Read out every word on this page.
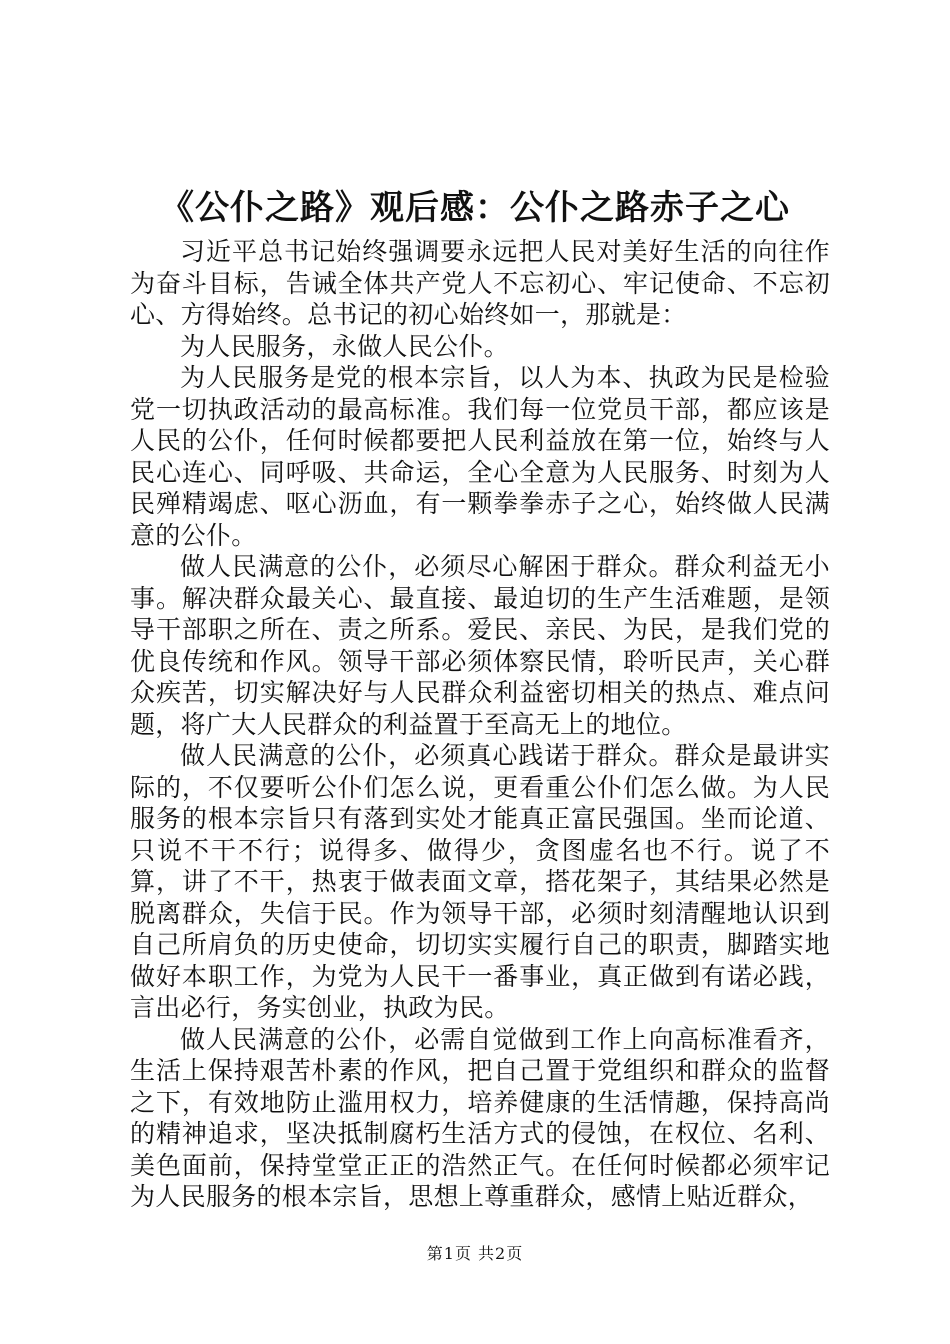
《公仆之路》观后感：公仆之路赤子之心

习近平总书记始终强调要永远把人民对美好生活的向往作为奋斗目标，告诫全体共产党人不忘初心、牢记使命、不忘初心、方得始终。总书记的初心始终如一，那就是：

为人民服务，永做人民公仆。

为人民服务是党的根本宗旨，以人为本、执政为民是检验党一切执政活动的最高标准。我们每一位党员干部，都应该是人民的公仆，任何时候都要把人民利益放在第一位，始终与人民心连心、同呼吸、共命运，全心全意为人民服务、时刻为人民殚精竭虑、呕心沥血，有一颗拳拳赤子之心，始终做人民满意的公仆。

做人民满意的公仆，必须尽心解困于群众。群众利益无小事。解决群众最关心、最直接、最迫切的生产生活难题，是领导干部职之所在、责之所系。爱民、亲民、为民，是我们党的优良传统和作风。领导干部必须体察民情，聆听民声，关心群众疾苦，切实解决好与人民群众利益密切相关的热点、难点问题，将广大人民群众的利益置于至高无上的地位。

做人民满意的公仆，必须真心践诺于群众。群众是最讲实际的，不仅要听公仆们怎么说，更看重公仆们怎么做。为人民服务的根本宗旨只有落到实处才能真正富民强国。坐而论道、只说不干不行；说得多、做得少，贪图虚名也不行。说了不算，讲了不干，热衷于做表面文章，搭花架子，其结果必然是脱离群众，失信于民。作为领导干部，必须时刻清醒地认识到自己所肩负的历史使命，切切实实履行自己的职责，脚踏实地做好本职工作，为党为人民干一番事业，真正做到有诺必践，言出必行，务实创业，执政为民。

做人民满意的公仆，必需自觉做到工作上向高标准看齐，生活上保持艰苦朴素的作风，把自己置于党组织和群众的监督之下，有效地防止滥用权力，培养健康的生活情趣，保持高尚的精神追求，坚决抵制腐朽生活方式的侵蚀，在权位、名利、美色面前，保持堂堂正正的浩然正气。在任何时候都必须牢记为人民服务的根本宗旨，思想上尊重群众，感情上贴近群众，

第1页 共2页
